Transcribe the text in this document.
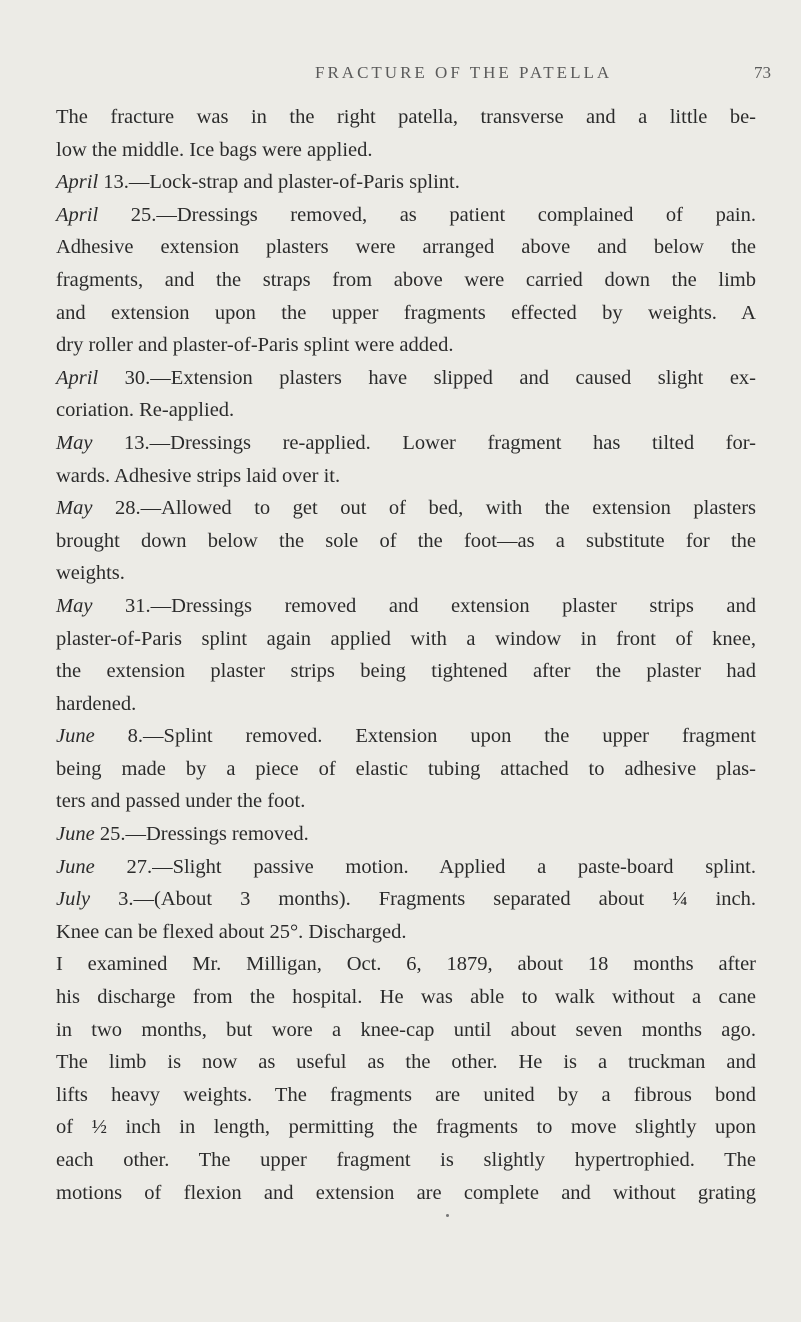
FRACTURE OF THE PATELLA	73
The fracture was in the right patella, transverse and a little be-
low the middle. Ice bags were applied.
April 13.—Lock-strap and plaster-of-Paris splint.
April 25.—Dressings removed, as patient complained of pain.
Adhesive extension plasters were arranged above and below the
fragments, and the straps from above were carried down the limb
and extension upon the upper fragments effected by weights. A
dry roller and plaster-of-Paris splint were added.
April 30.—Extension plasters have slipped and caused slight ex-
coriation. Re-applied.
May 13.—Dressings re-applied. Lower fragment has tilted for-
wards. Adhesive strips laid over it.
May 28.—Allowed to get out of bed, with the extension plasters
brought down below the sole of the foot—as a substitute for the
weights.
May 31.—Dressings removed and extension plaster strips and
plaster-of-Paris splint again applied with a window in front of knee,
the extension plaster strips being tightened after the plaster had
hardened.
June 8.—Splint removed. Extension upon the upper fragment
being made by a piece of elastic tubing attached to adhesive plas-
ters and passed under the foot.
June 25.—Dressings removed.
June 27.—Slight passive motion. Applied a paste-board splint.
July 3.—(About 3 months). Fragments separated about ¼ inch.
Knee can be flexed about 25°. Discharged.
I examined Mr. Milligan, Oct. 6, 1879, about 18 months after
his discharge from the hospital. He was able to walk without a cane
in two months, but wore a knee-cap until about seven months ago.
The limb is now as useful as the other. He is a truckman and
lifts heavy weights. The fragments are united by a fibrous bond
of ½ inch in length, permitting the fragments to move slightly upon
each other. The upper fragment is slightly hypertrophied. The
motions of flexion and extension are complete and without grating
